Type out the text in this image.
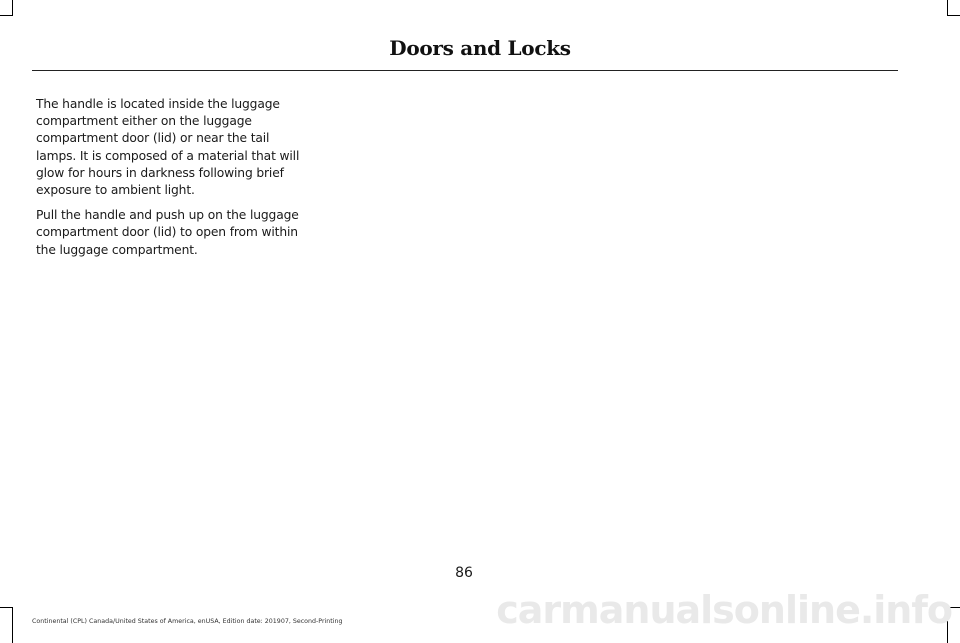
Doors and Locks

The handle is located inside the luggage compartment either on the luggage compartment door (lid) or near the tail lamps. It is composed of a material that will glow for hours in darkness following brief exposure to ambient light.

Pull the handle and push up on the luggage compartment door (lid) to open from within the luggage compartment.

86
Continental (CPL) Canada/United States of America, enUSA, Edition date: 201907, Second-Printing	carmanualsonline.info
